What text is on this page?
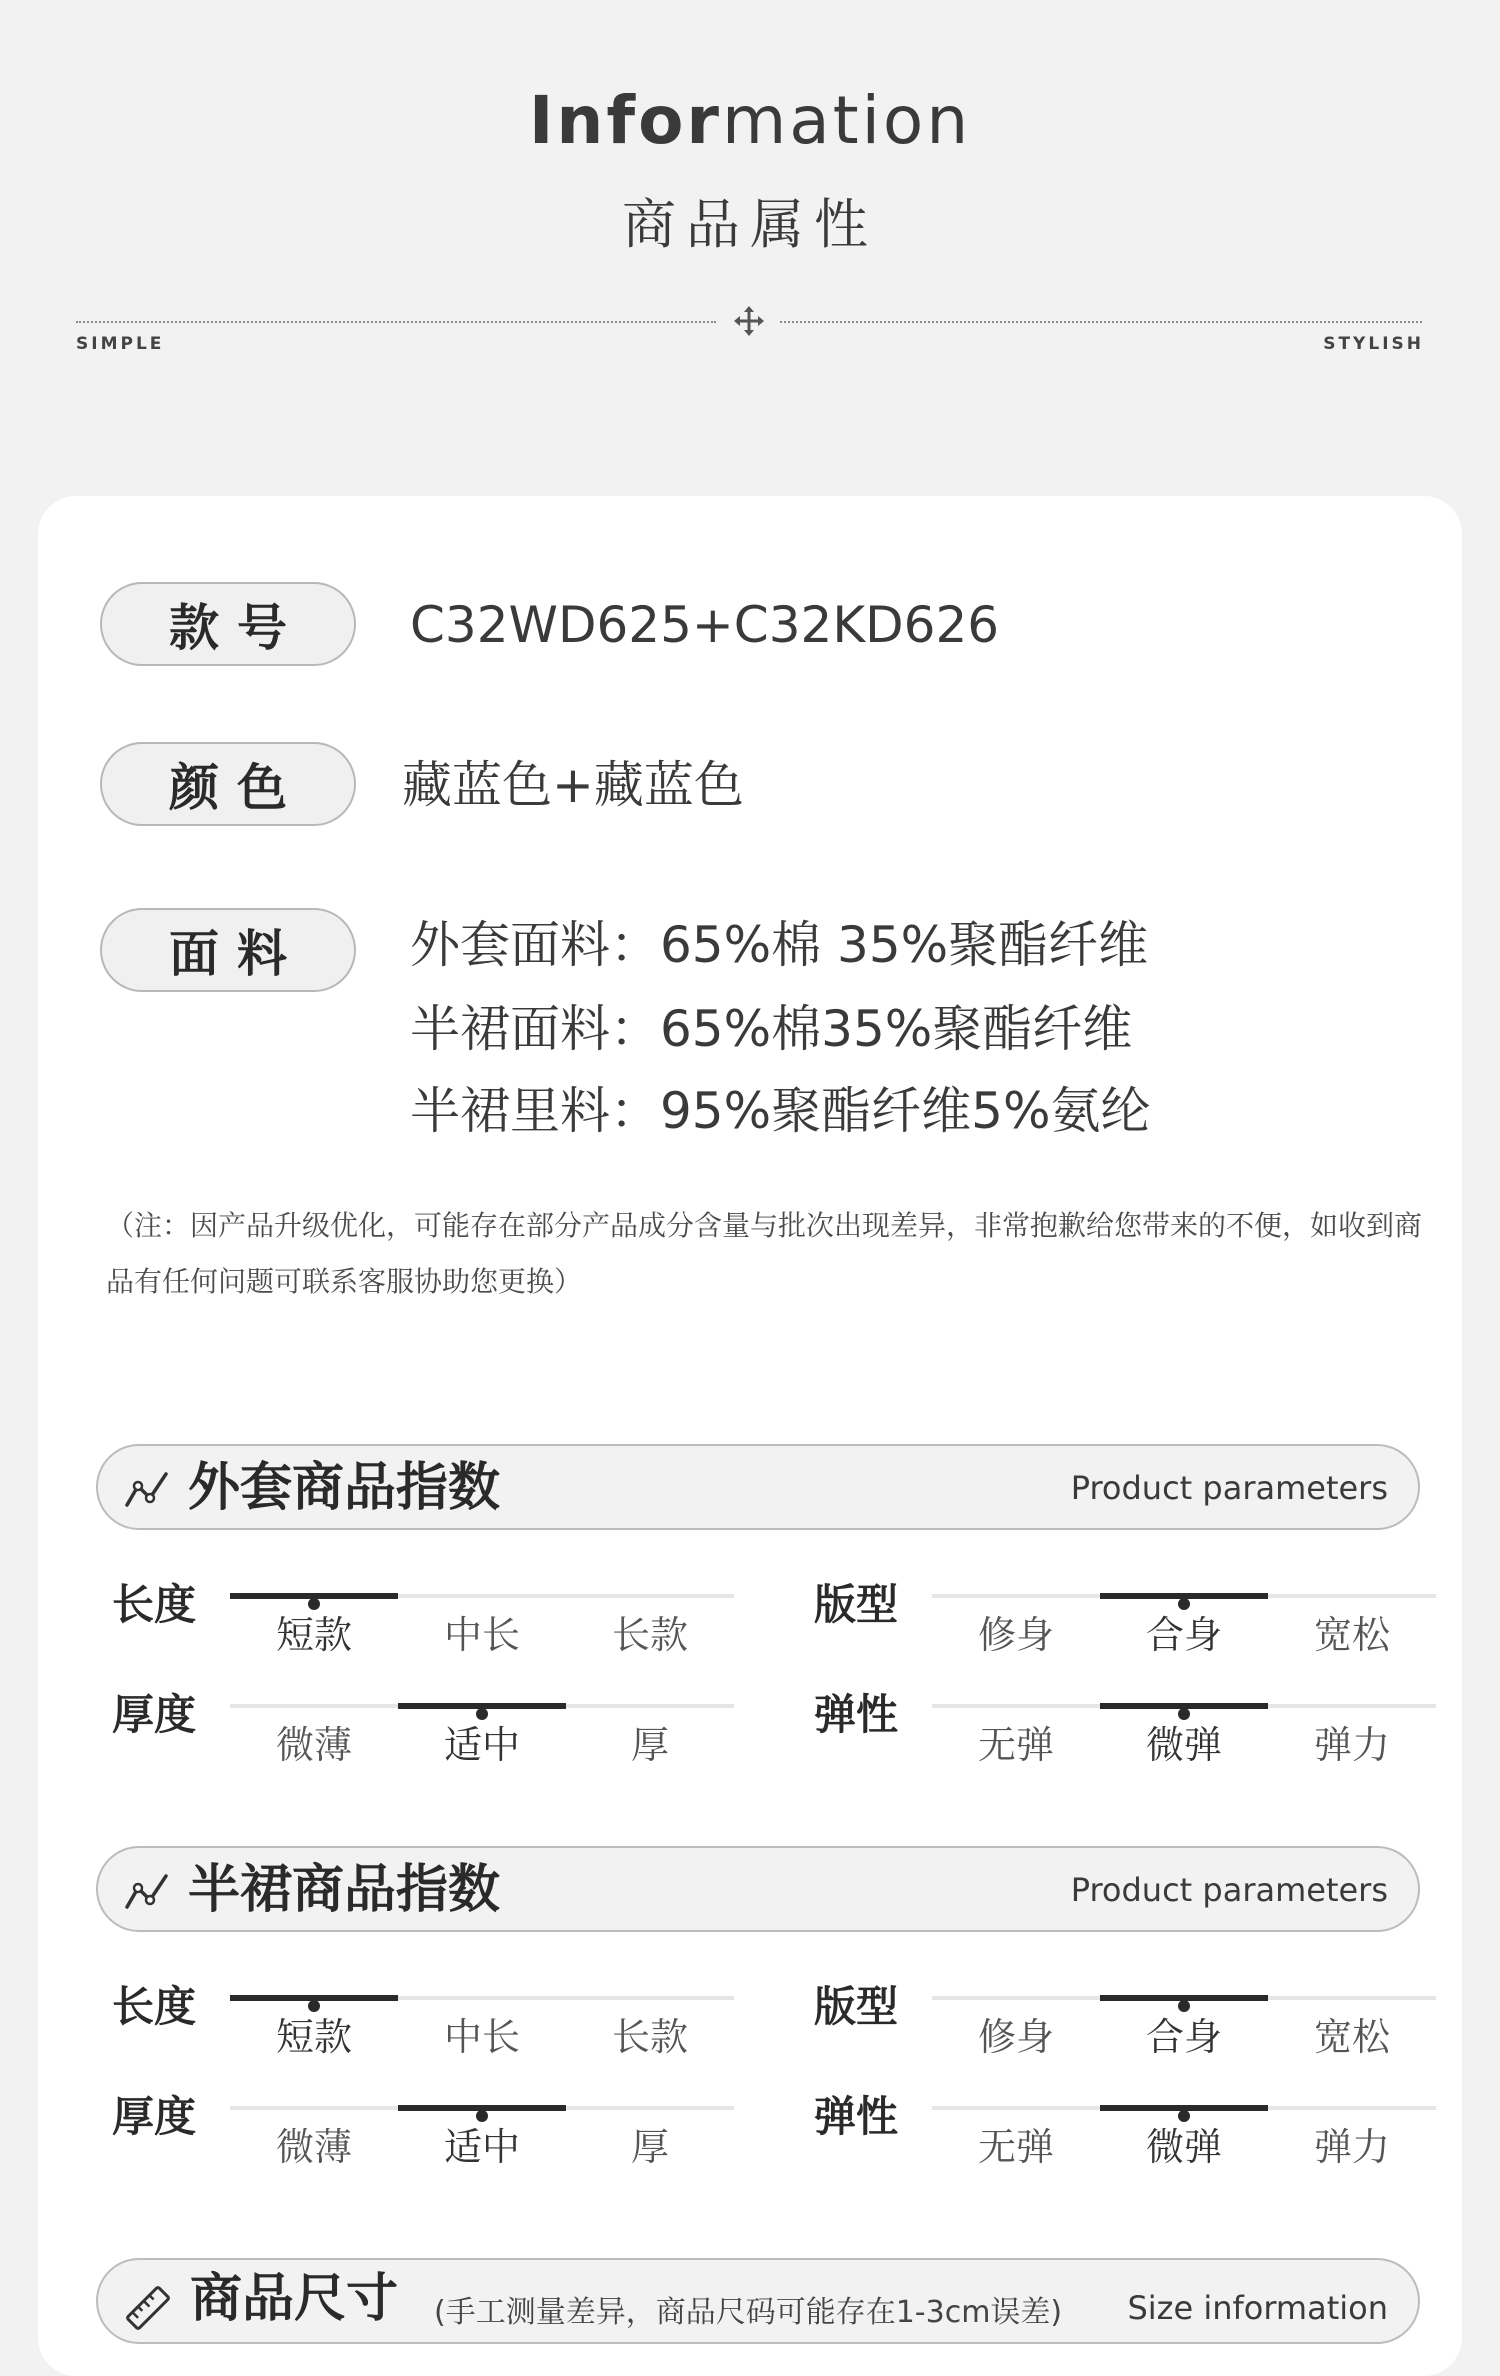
Information
商品属性
SIMPLE	STYLISH
款号	C32WD625+C32KD626
颜色	藏蓝色+藏蓝色
面料	外套面料：65%棉 35%聚酯纤维
半裙面料：65%棉35%聚酯纤维
半裙里料：95%聚酯纤维5%氨纶
（注：因产品升级优化，可能存在部分产品成分含量与批次出现差异，非常抱歉给您带来的不便，如收到商品有任何问题可联系客服协助您更换）
外套商品指数	Product parameters
长度
短款	中长	长款
版型
修身	合身	宽松
厚度
微薄	适中	厚
弹性
无弹	微弹	弹力
半裙商品指数	Product parameters
长度
短款	中长	长款
版型
修身	合身	宽松
厚度
微薄	适中	厚
弹性
无弹	微弹	弹力
商品尺寸 (手工测量差异，商品尺码可能存在1-3cm误差) Size information
